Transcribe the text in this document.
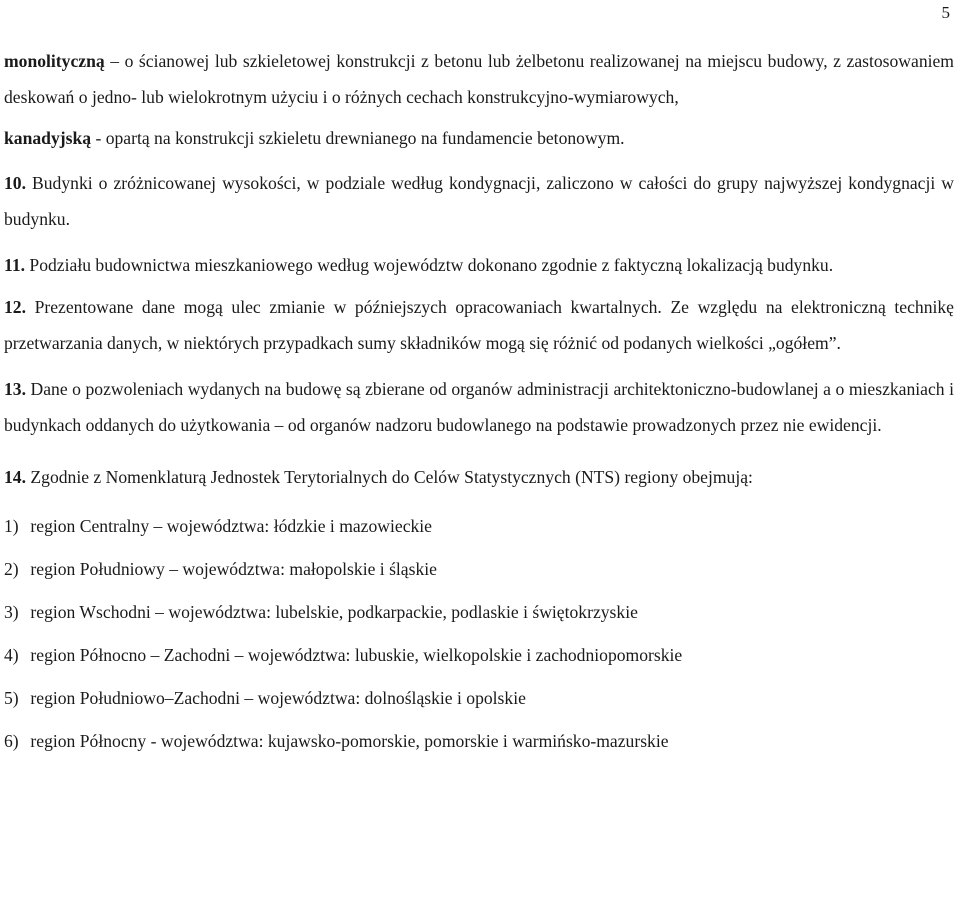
5

monolityczną – o ścianowej lub szkieletowej konstrukcji z betonu lub żelbetonu realizowanej na miejscu budowy, z zastosowaniem deskowań o jedno- lub wielokrotnym użyciu i o różnych cechach konstrukcyjno-wymiarowych,

kanadyjską - opartą na konstrukcji szkieletu drewnianego na fundamencie betonowym.

10. Budynki o zróżnicowanej wysokości, w podziale według kondygnacji, zaliczono w całości do grupy najwyższej kondygnacji w budynku.

11. Podziału budownictwa mieszkaniowego według województw dokonano zgodnie z faktyczną lokalizacją budynku.

12. Prezentowane dane mogą ulec zmianie w późniejszych opracowaniach kwartalnych. Ze względu na elektroniczną technikę przetwarzania danych, w niektórych przypadkach sumy składników mogą się różnić od podanych wielkości „ogółem”.

13. Dane o pozwoleniach wydanych na budowę są zbierane od organów administracji architektoniczno-budowlanej a o mieszkaniach i budynkach oddanych do użytkowania – od organów nadzoru budowlanego na podstawie prowadzonych przez nie ewidencji.

14. Zgodnie z Nomenklaturą Jednostek Terytorialnych do Celów Statystycznych (NTS) regiony obejmują:

1) region Centralny – województwa: łódzkie i mazowieckie
2) region Południowy – województwa: małopolskie i śląskie
3) region Wschodni – województwa: lubelskie, podkarpackie, podlaskie i świętokrzyskie
4) region Północno – Zachodni – województwa: lubuskie, wielkopolskie i zachodniopomorskie
5) region Południowo–Zachodni – województwa: dolnośląskie i opolskie
6) region Północny - województwa: kujawsko-pomorskie, pomorskie i warmińsko-mazurskie
